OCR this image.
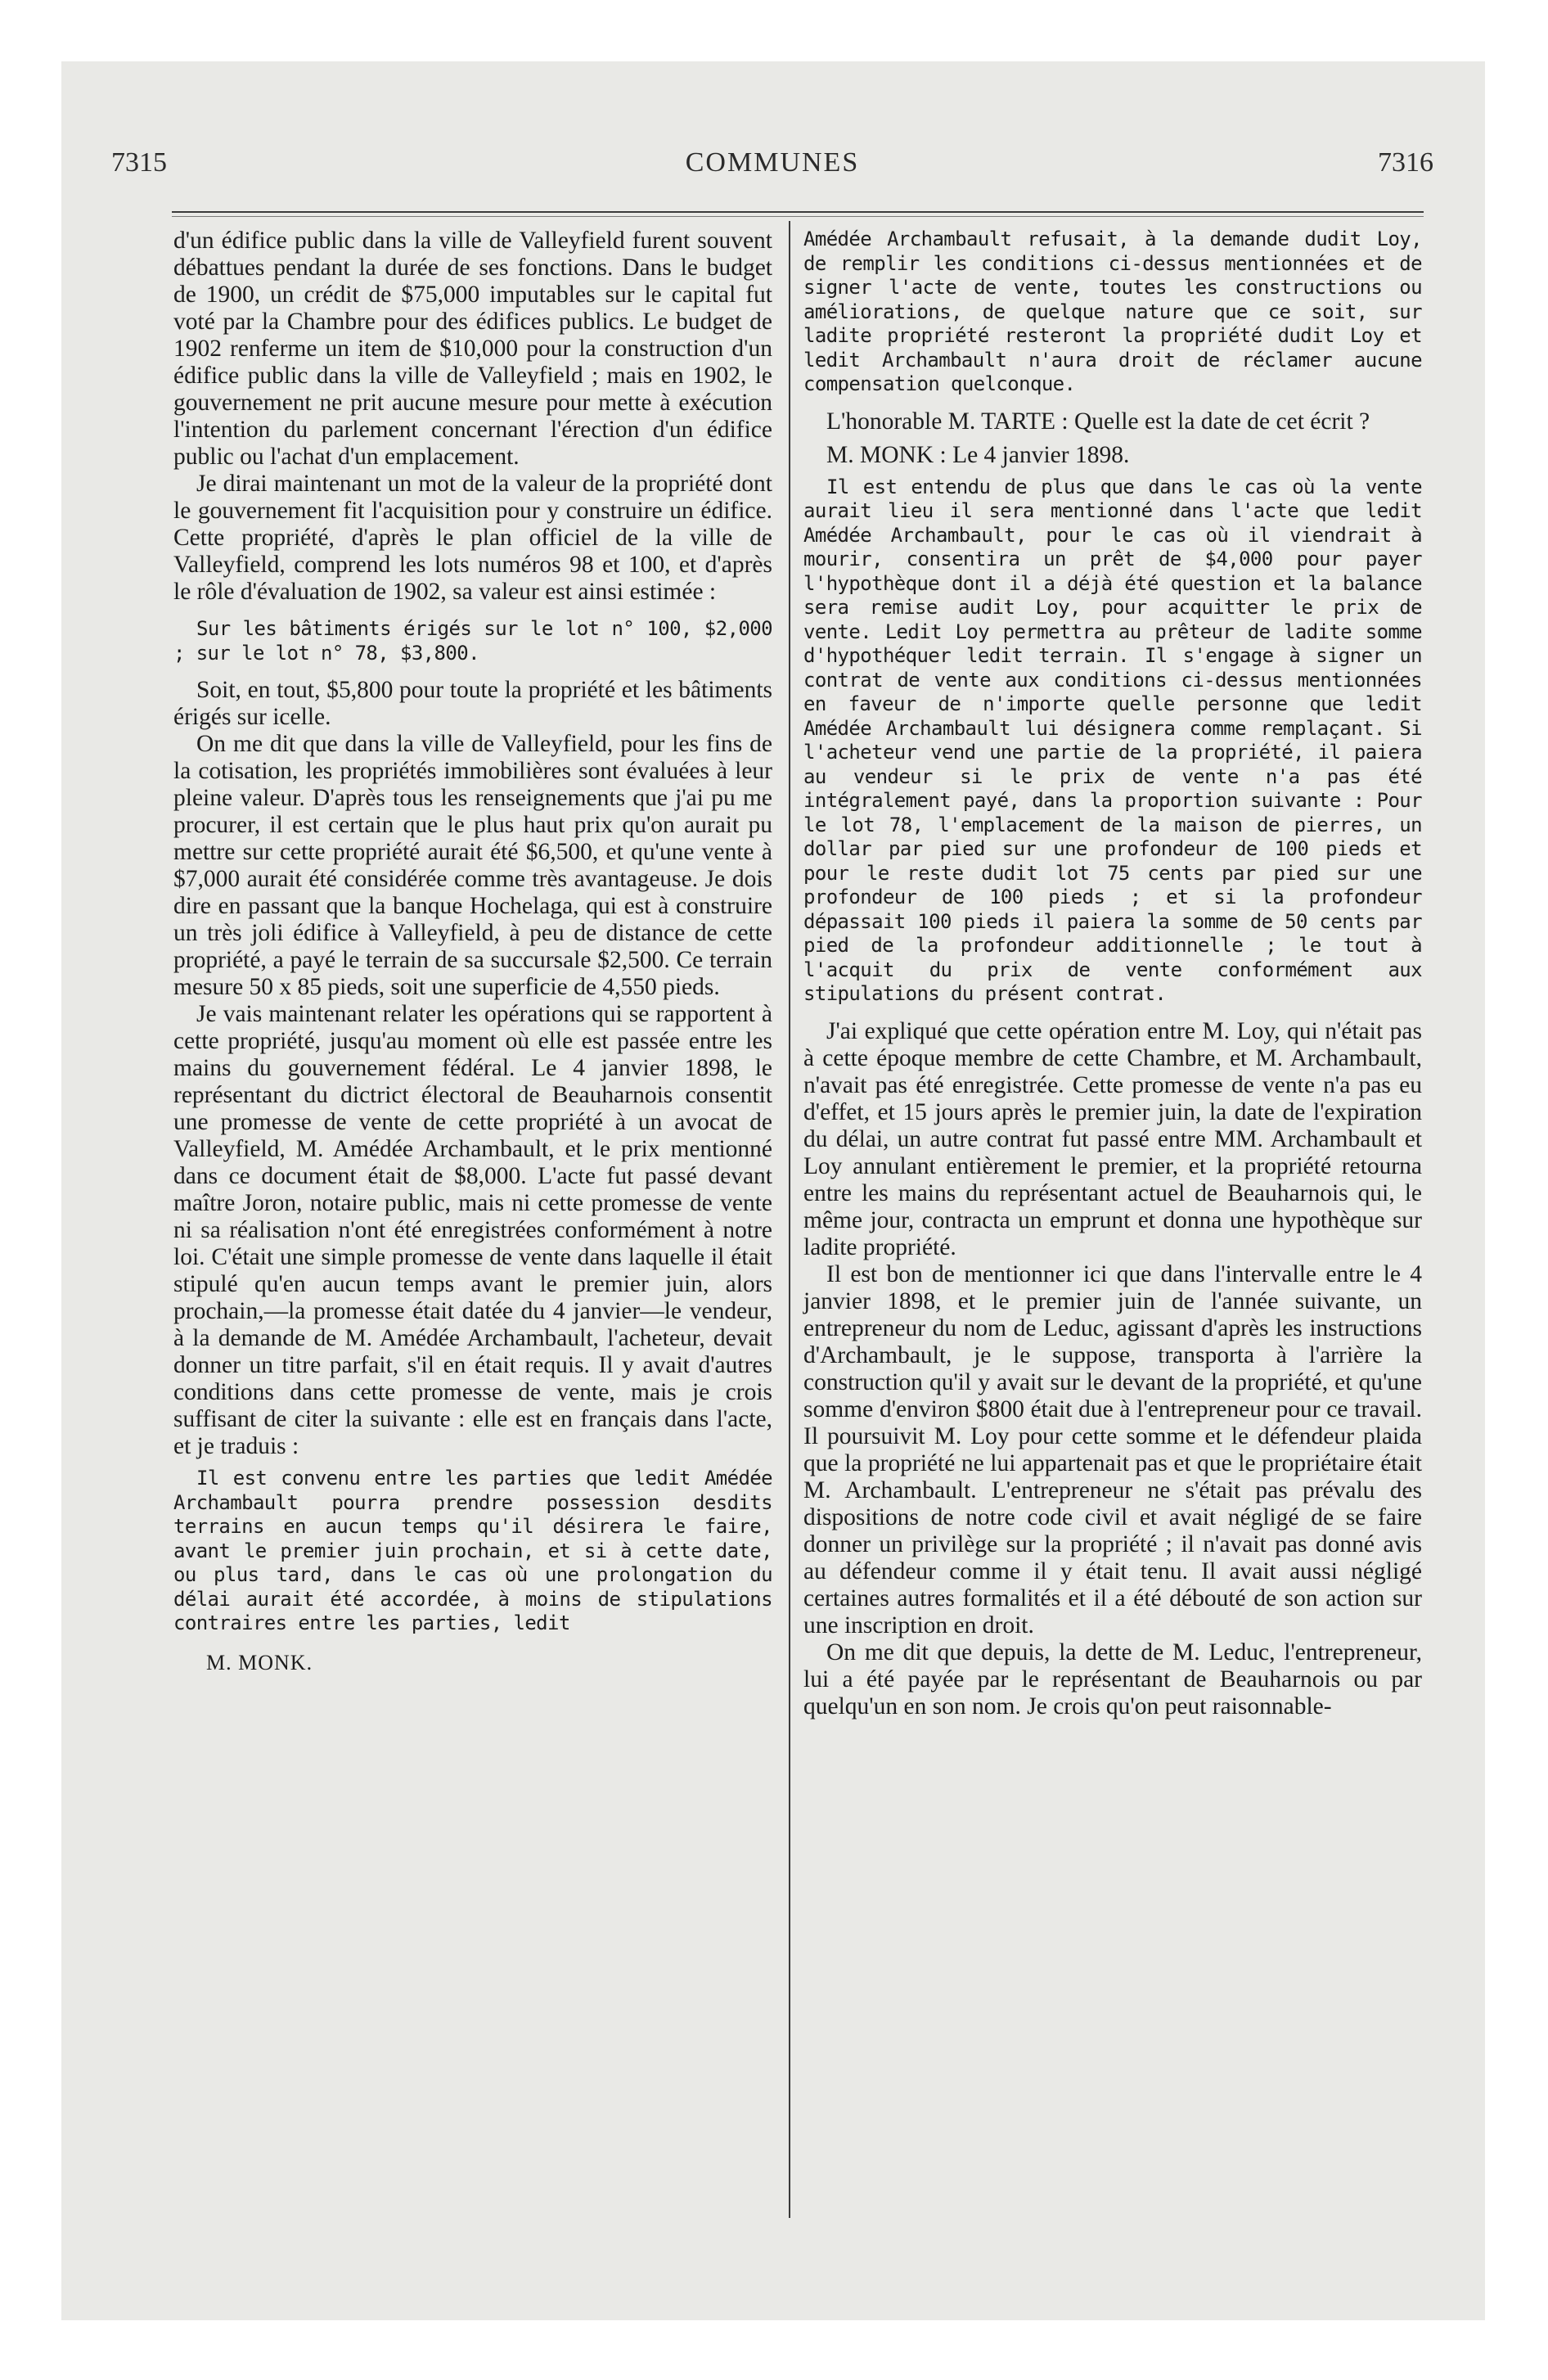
7315	COMMUNES	7316

d'un édifice public dans la ville de Valleyfield furent souvent débattues pendant la durée de ses fonctions. Dans le budget de 1900, un crédit de $75,000 imputables sur le capital fut voté par la Chambre pour des édifices publics. Le budget de 1902 renferme un item de $10,000 pour la construction d'un édifice public dans la ville de Valleyfield ; mais en 1902, le gouvernement ne prit aucune mesure pour mette à exécution l'intention du parlement concernant l'érection d'un édifice public ou l'achat d'un emplacement.

Je dirai maintenant un mot de la valeur de la propriété dont le gouvernement fit l'acquisition pour y construire un édifice. Cette propriété, d'après le plan officiel de la ville de Valleyfield, comprend les lots numéros 98 et 100, et d'après le rôle d'évaluation de 1902, sa valeur est ainsi estimée :

Sur les bâtiments érigés sur le lot n° 100, $2,000 ; sur le lot n° 78, $3,800.

Soit, en tout, $5,800 pour toute la propriété et les bâtiments érigés sur icelle.

On me dit que dans la ville de Valleyfield, pour les fins de la cotisation, les propriétés immobilières sont évaluées à leur pleine valeur. D'après tous les renseignements que j'ai pu me procurer, il est certain que le plus haut prix qu'on aurait pu mettre sur cette propriété aurait été $6,500, et qu'une vente à $7,000 aurait été considérée comme très avantageuse. Je dois dire en passant que la banque Hochelaga, qui est à construire un très joli édifice à Valleyfield, à peu de distance de cette propriété, a payé le terrain de sa succursale $2,500. Ce terrain mesure 50 x 85 pieds, soit une superficie de 4,550 pieds.

Je vais maintenant relater les opérations qui se rapportent à cette propriété, jusqu'au moment où elle est passée entre les mains du gouvernement fédéral. Le 4 janvier 1898, le représentant du dictrict électoral de Beauharnois consentit une promesse de vente de cette propriété à un avocat de Valleyfield, M. Amédée Archambault, et le prix mentionné dans ce document était de $8,000. L'acte fut passé devant maître Joron, notaire public, mais ni cette promesse de vente ni sa réalisation n'ont été enregistrées conformément à notre loi. C'était une simple promesse de vente dans laquelle il était stipulé qu'en aucun temps avant le premier juin, alors prochain,—la promesse était datée du 4 janvier—le vendeur, à la demande de M. Amédée Archambault, l'acheteur, devait donner un titre parfait, s'il en était requis. Il y avait d'autres conditions dans cette promesse de vente, mais je crois suffisant de citer la suivante : elle est en français dans l'acte, et je traduis :

Il est convenu entre les parties que ledit Amédée Archambault pourra prendre possession desdits terrains en aucun temps qu'il désirera le faire, avant le premier juin prochain, et si à cette date, ou plus tard, dans le cas où une prolongation du délai aurait été accordée, à moins de stipulations contraires entre les parties, ledit

M. MONK.

Amédée Archambault refusait, à la demande dudit Loy, de remplir les conditions ci-dessus mentionnées et de signer l'acte de vente, toutes les constructions ou améliorations, de quelque nature que ce soit, sur ladite propriété resteront la propriété dudit Loy et ledit Archambault n'aura droit de réclamer aucune compensation quelconque.

L'honorable M. TARTE : Quelle est la date de cet écrit ?

M. MONK : Le 4 janvier 1898.

Il est entendu de plus que dans le cas où la vente aurait lieu il sera mentionné dans l'acte que ledit Amédée Archambault, pour le cas où il viendrait à mourir, consentira un prêt de $4,000 pour payer l'hypothèque dont il a déjà été question et la balance sera remise audit Loy, pour acquitter le prix de vente. Ledit Loy permettra au prêteur de ladite somme d'hypothéquer ledit terrain. Il s'engage à signer un contrat de vente aux conditions ci-dessus mentionnées en faveur de n'importe quelle personne que ledit Amédée Archambault lui désignera comme remplaçant. Si l'acheteur vend une partie de la propriété, il paiera au vendeur si le prix de vente n'a pas été intégralement payé, dans la proportion suivante : Pour le lot 78, l'emplacement de la maison de pierres, un dollar par pied sur une profondeur de 100 pieds et pour le reste dudit lot 75 cents par pied sur une profondeur de 100 pieds ; et si la profondeur dépassait 100 pieds il paiera la somme de 50 cents par pied de la profondeur additionnelle ; le tout à l'acquit du prix de vente conformément aux stipulations du présent contrat.

J'ai expliqué que cette opération entre M. Loy, qui n'était pas à cette époque membre de cette Chambre, et M. Archambault, n'avait pas été enregistrée. Cette promesse de vente n'a pas eu d'effet, et 15 jours après le premier juin, la date de l'expiration du délai, un autre contrat fut passé entre MM. Archambault et Loy annulant entièrement le premier, et la propriété retourna entre les mains du représentant actuel de Beauharnois qui, le même jour, contracta un emprunt et donna une hypothèque sur ladite propriété.

Il est bon de mentionner ici que dans l'intervalle entre le 4 janvier 1898, et le premier juin de l'année suivante, un entrepreneur du nom de Leduc, agissant d'après les instructions d'Archambault, je le suppose, transporta à l'arrière la construction qu'il y avait sur le devant de la propriété, et qu'une somme d'environ $800 était due à l'entrepreneur pour ce travail. Il poursuivit M. Loy pour cette somme et le défendeur plaida que la propriété ne lui appartenait pas et que le propriétaire était M. Archambault. L'entrepreneur ne s'était pas prévalu des dispositions de notre code civil et avait négligé de se faire donner un privilège sur la propriété ; il n'avait pas donné avis au défendeur comme il y était tenu. Il avait aussi négligé certaines autres formalités et il a été débouté de son action sur une inscription en droit.

On me dit que depuis, la dette de M. Leduc, l'entrepreneur, lui a été payée par le représentant de Beauharnois ou par quelqu'un en son nom. Je crois qu'on peut raisonnable-
